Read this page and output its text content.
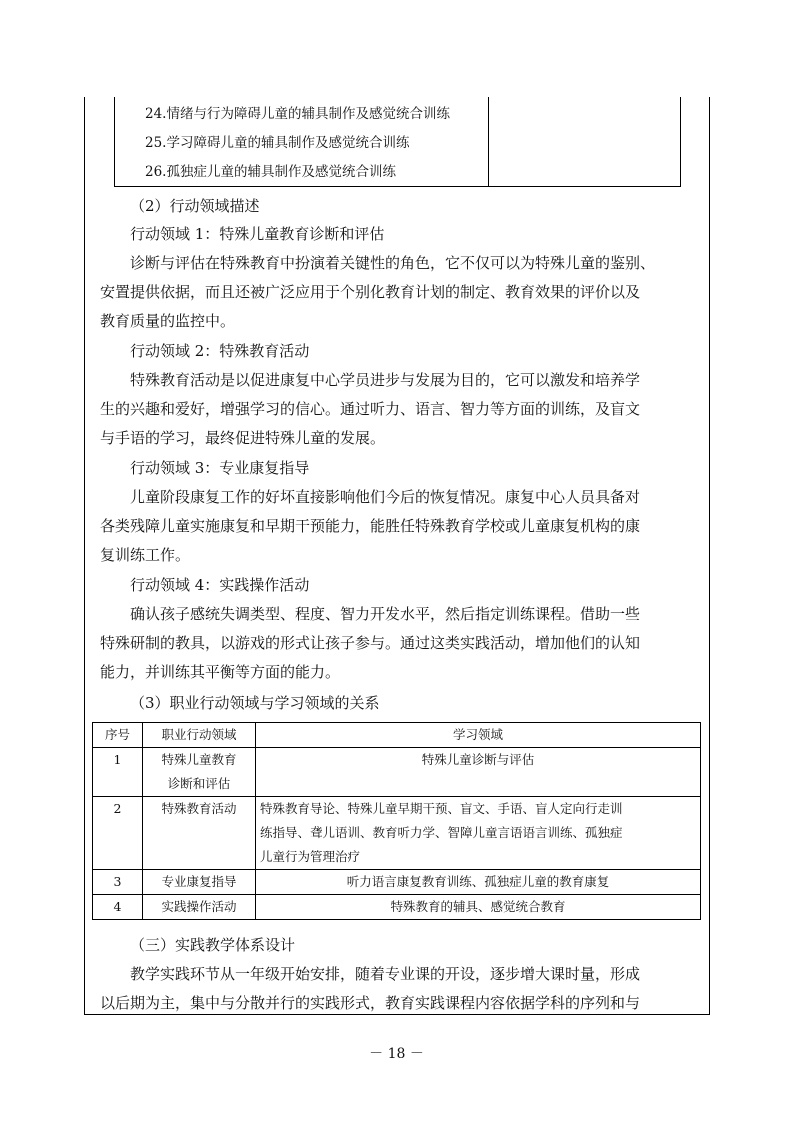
24.情绪与行为障碍儿童的辅具制作及感觉统合训练
25.学习障碍儿童的辅具制作及感觉统合训练
26.孤独症儿童的辅具制作及感觉统合训练
（2）行动领域描述
行动领域 1：特殊儿童教育诊断和评估
诊断与评估在特殊教育中扮演着关键性的角色，它不仅可以为特殊儿童的鉴别、
安置提供依据，而且还被广泛应用于个别化教育计划的制定、教育效果的评价以及
教育质量的监控中。
行动领域 2：特殊教育活动
特殊教育活动是以促进康复中心学员进步与发展为目的，它可以激发和培养学
生的兴趣和爱好，增强学习的信心。通过听力、语言、智力等方面的训练，及盲文
与手语的学习，最终促进特殊儿童的发展。
行动领域 3：专业康复指导
儿童阶段康复工作的好坏直接影响他们今后的恢复情况。康复中心人员具备对
各类残障儿童实施康复和早期干预能力，能胜任特殊教育学校或儿童康复机构的康
复训练工作。
行动领域 4：实践操作活动
确认孩子感统失调类型、程度、智力开发水平，然后指定训练课程。借助一些
特殊研制的教具，以游戏的形式让孩子参与。通过这类实践活动，增加他们的认知
能力，并训练其平衡等方面的能力。
（3）职业行动领域与学习领域的关系
序号	职业行动领域	学习领域
1	特殊儿童教育
诊断和评估	特殊儿童诊断与评估
2	特殊教育活动	特殊教育导论、特殊儿童早期干预、盲文、手语、盲人定向行走训
练指导、聋儿语训、教育听力学、智障儿童言语语言训练、孤独症
儿童行为管理治疗

3	专业康复指导	听力语言康复教育训练、孤独症儿童的教育康复
4	实践操作活动	特殊教育的辅具、感觉统合教育
（三）实践教学体系设计
教学实践环节从一年级开始安排，随着专业课的开设，逐步增大课时量，形成
以后期为主，集中与分散并行的实践形式，教育实践课程内容依据学科的序列和与
－ 18 －
